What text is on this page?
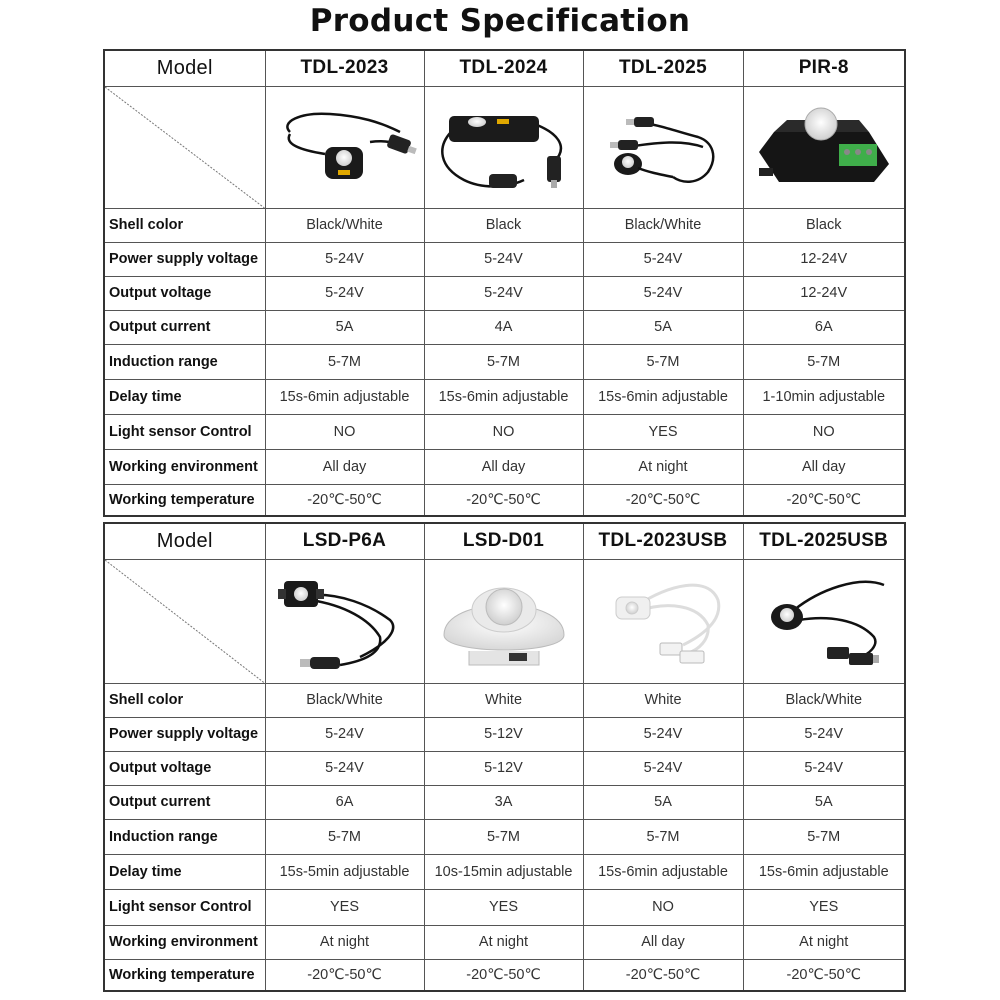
Product Specification
Model	TDL-2023	TDL-2024	TDL-2025	PIR-8

Shell color	Black/White	Black	Black/White	Black
Power supply voltage	5-24V	5-24V	5-24V	12-24V
Output voltage	5-24V	5-24V	5-24V	12-24V
Output current	5A	4A	5A	6A
Induction range	5-7M	5-7M	5-7M	5-7M
Delay time	15s-6min adjustable	15s-6min adjustable	15s-6min adjustable	1-10min adjustable
Light sensor Control	NO	NO	YES	NO
Working environment	All day	All day	At night	All day
Working temperature	-20℃-50℃	-20℃-50℃	-20℃-50℃	-20℃-50℃
Model	LSD-P6A	LSD-D01	TDL-2023USB	TDL-2025USB

Shell color	Black/White	White	White	Black/White
Power supply voltage	5-24V	5-12V	5-24V	5-24V
Output voltage	5-24V	5-12V	5-24V	5-24V
Output current	6A	3A	5A	5A
Induction range	5-7M	5-7M	5-7M	5-7M
Delay time	15s-5min adjustable	10s-15min adjustable	15s-6min adjustable	15s-6min adjustable
Light sensor Control	YES	YES	NO	YES
Working environment	At night	At night	All day	At night
Working temperature	-20℃-50℃	-20℃-50℃	-20℃-50℃	-20℃-50℃
